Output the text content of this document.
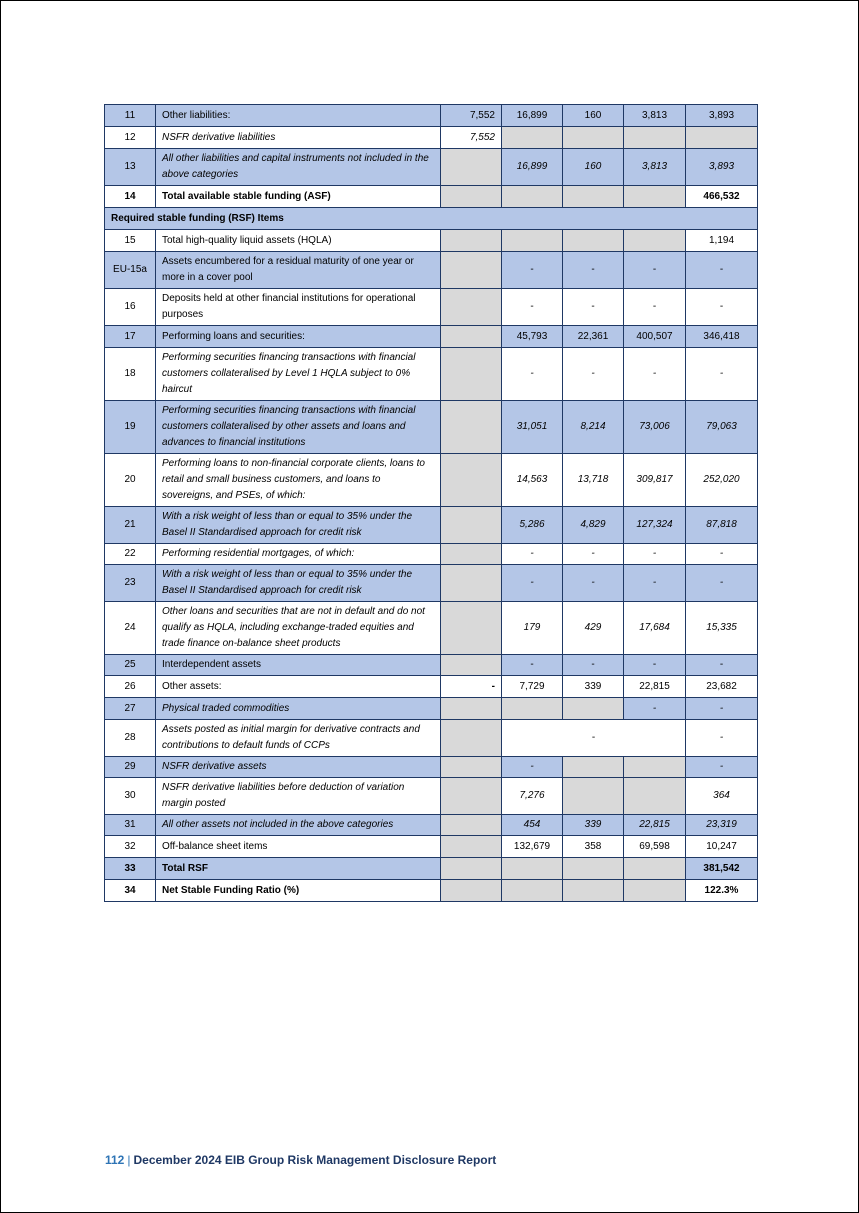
11	Other liabilities:	7,552	16,899	160	3,813	3,893
12	NSFR derivative liabilities	7,552				
13	All other liabilities and capital instruments not included in the above categories		16,899	160	3,813	3,893
14	Total available stable funding (ASF)					466,532
Required stable funding (RSF) Items						
15	Total high-quality liquid assets (HQLA)					1,194
EU-15a	Assets encumbered for a residual maturity of one year or more in a cover pool		-	-	-	-
16	Deposits held at other financial institutions for operational purposes		-	-	-	-
17	Performing loans and securities:		45,793	22,361	400,507	346,418
18	Performing securities financing transactions with financial customers collateralised by Level 1 HQLA subject to 0% haircut		-	-	-	-
19	Performing securities financing transactions with financial customers collateralised by other assets and loans and advances to financial institutions		31,051	8,214	73,006	79,063
20	Performing loans to non-financial corporate clients, loans to retail and small business customers, and loans to sovereigns, and PSEs, of which:		14,563	13,718	309,817	252,020
21	With a risk weight of less than or equal to 35% under the Basel II Standardised approach for credit risk		5,286	4,829	127,324	87,818
22	Performing residential mortgages, of which:		-	-	-	-
23	With a risk weight of less than or equal to 35% under the Basel II Standardised approach for credit risk		-	-	-	-
24	Other loans and securities that are not in default and do not qualify as HQLA, including exchange-traded equities and trade finance on-balance sheet products		179	429	17,684	15,335
25	Interdependent assets		-	-	-	-
26	Other assets:	-	7,729	339	22,815	23,682
27	Physical traded commodities				-	-
28	Assets posted as initial margin for derivative contracts and contributions to default funds of CCPs		-			-
29	NSFR derivative assets		-			-
30	NSFR derivative liabilities before deduction of variation margin posted		7,276			364
31	All other assets not included in the above categories		454	339	22,815	23,319
32	Off-balance sheet items		132,679	358	69,598	10,247
33	Total RSF					381,542
34	Net Stable Funding Ratio (%)					122.3%
112 | December 2024 EIB Group Risk Management Disclosure Report
